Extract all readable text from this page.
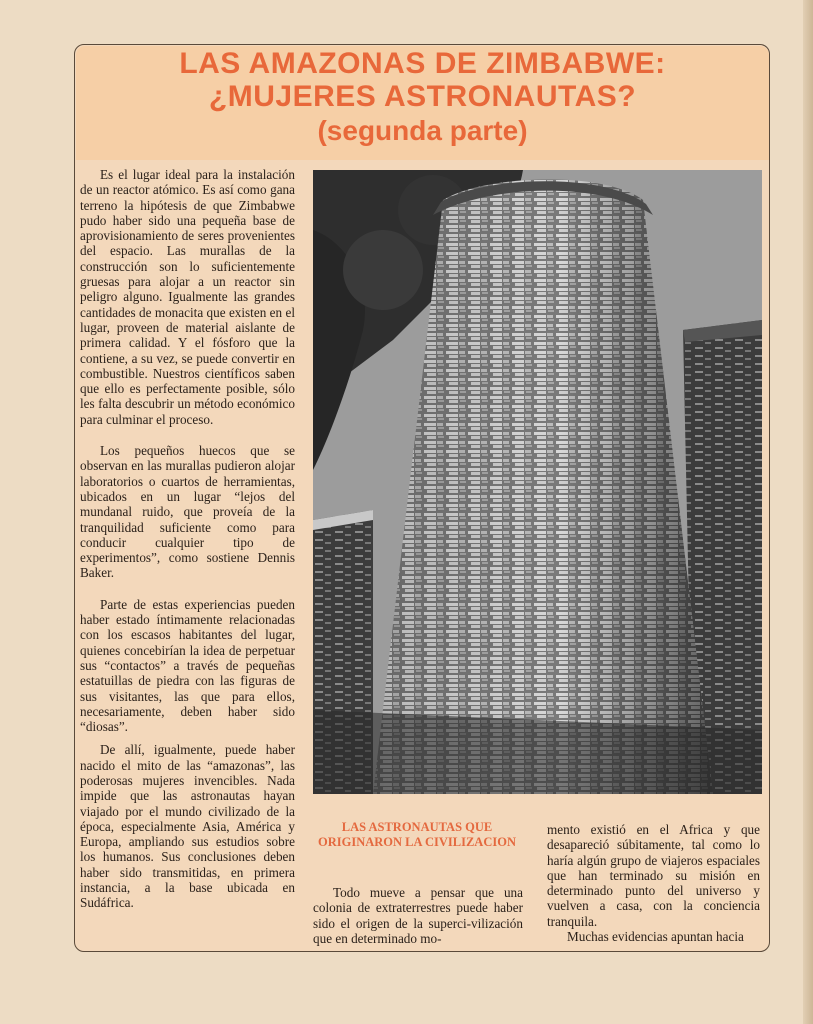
LAS AMAZONAS DE ZIMBABWE:
¿MUJERES ASTRONAUTAS?
(segunda parte)

Es el lugar ideal para la instalación de un reactor atómico. Es así como gana terreno la hipótesis de que Zimbabwe pudo haber sido una pequeña base de aprovisionamiento de seres provenientes del espacio. Las murallas de la construcción son lo suficientemente gruesas para alojar a un reactor sin peligro alguno. Igualmente las grandes cantidades de monacita que existen en el lugar, proveen de material aislante de primera calidad. Y el fósforo que la contiene, a su vez, se puede convertir en combustible. Nuestros científicos saben que ello es perfectamente posible, sólo les falta descubrir un método económico para culminar el proceso.

Los pequeños huecos que se observan en las murallas pudieron alojar laboratorios o cuartos de herramientas, ubicados en un lugar “lejos del mundanal ruido, que proveía de la tranquilidad suficiente como para conducir cualquier tipo de experimentos”, como sostiene Dennis Baker.

Parte de estas experiencias pueden haber estado íntimamente relacionadas con los escasos habitantes del lugar, quienes concebirían la idea de perpetuar sus “contactos” a través de pequeñas estatuillas de piedra con las figuras de sus visitantes, las que para ellos, necesariamente, deben haber sido “diosas”.

De allí, igualmente, puede haber nacido el mito de las “amazonas”, las poderosas mujeres invencibles. Nada impide que las astronautas hayan viajado por el mundo civilizado de la época, especialmente Asia, América y Europa, ampliando sus estudios sobre los humanos. Sus conclusiones deben haber sido transmitidas, en primera instancia, a la base ubicada en Sudáfrica.

LAS ASTRONAUTAS QUE ORIGINARON LA CIVILIZACION

Todo mueve a pensar que una colonia de extraterrestres puede haber sido el origen de la superci-vilización que en determinado mo-

mento existió en el Africa y que desapareció súbitamente, tal como lo haría algún grupo de viajeros espaciales que han terminado su misión en determinado punto del universo y vuelven a casa, con la conciencia tranquila.

Muchas evidencias apuntan hacia
